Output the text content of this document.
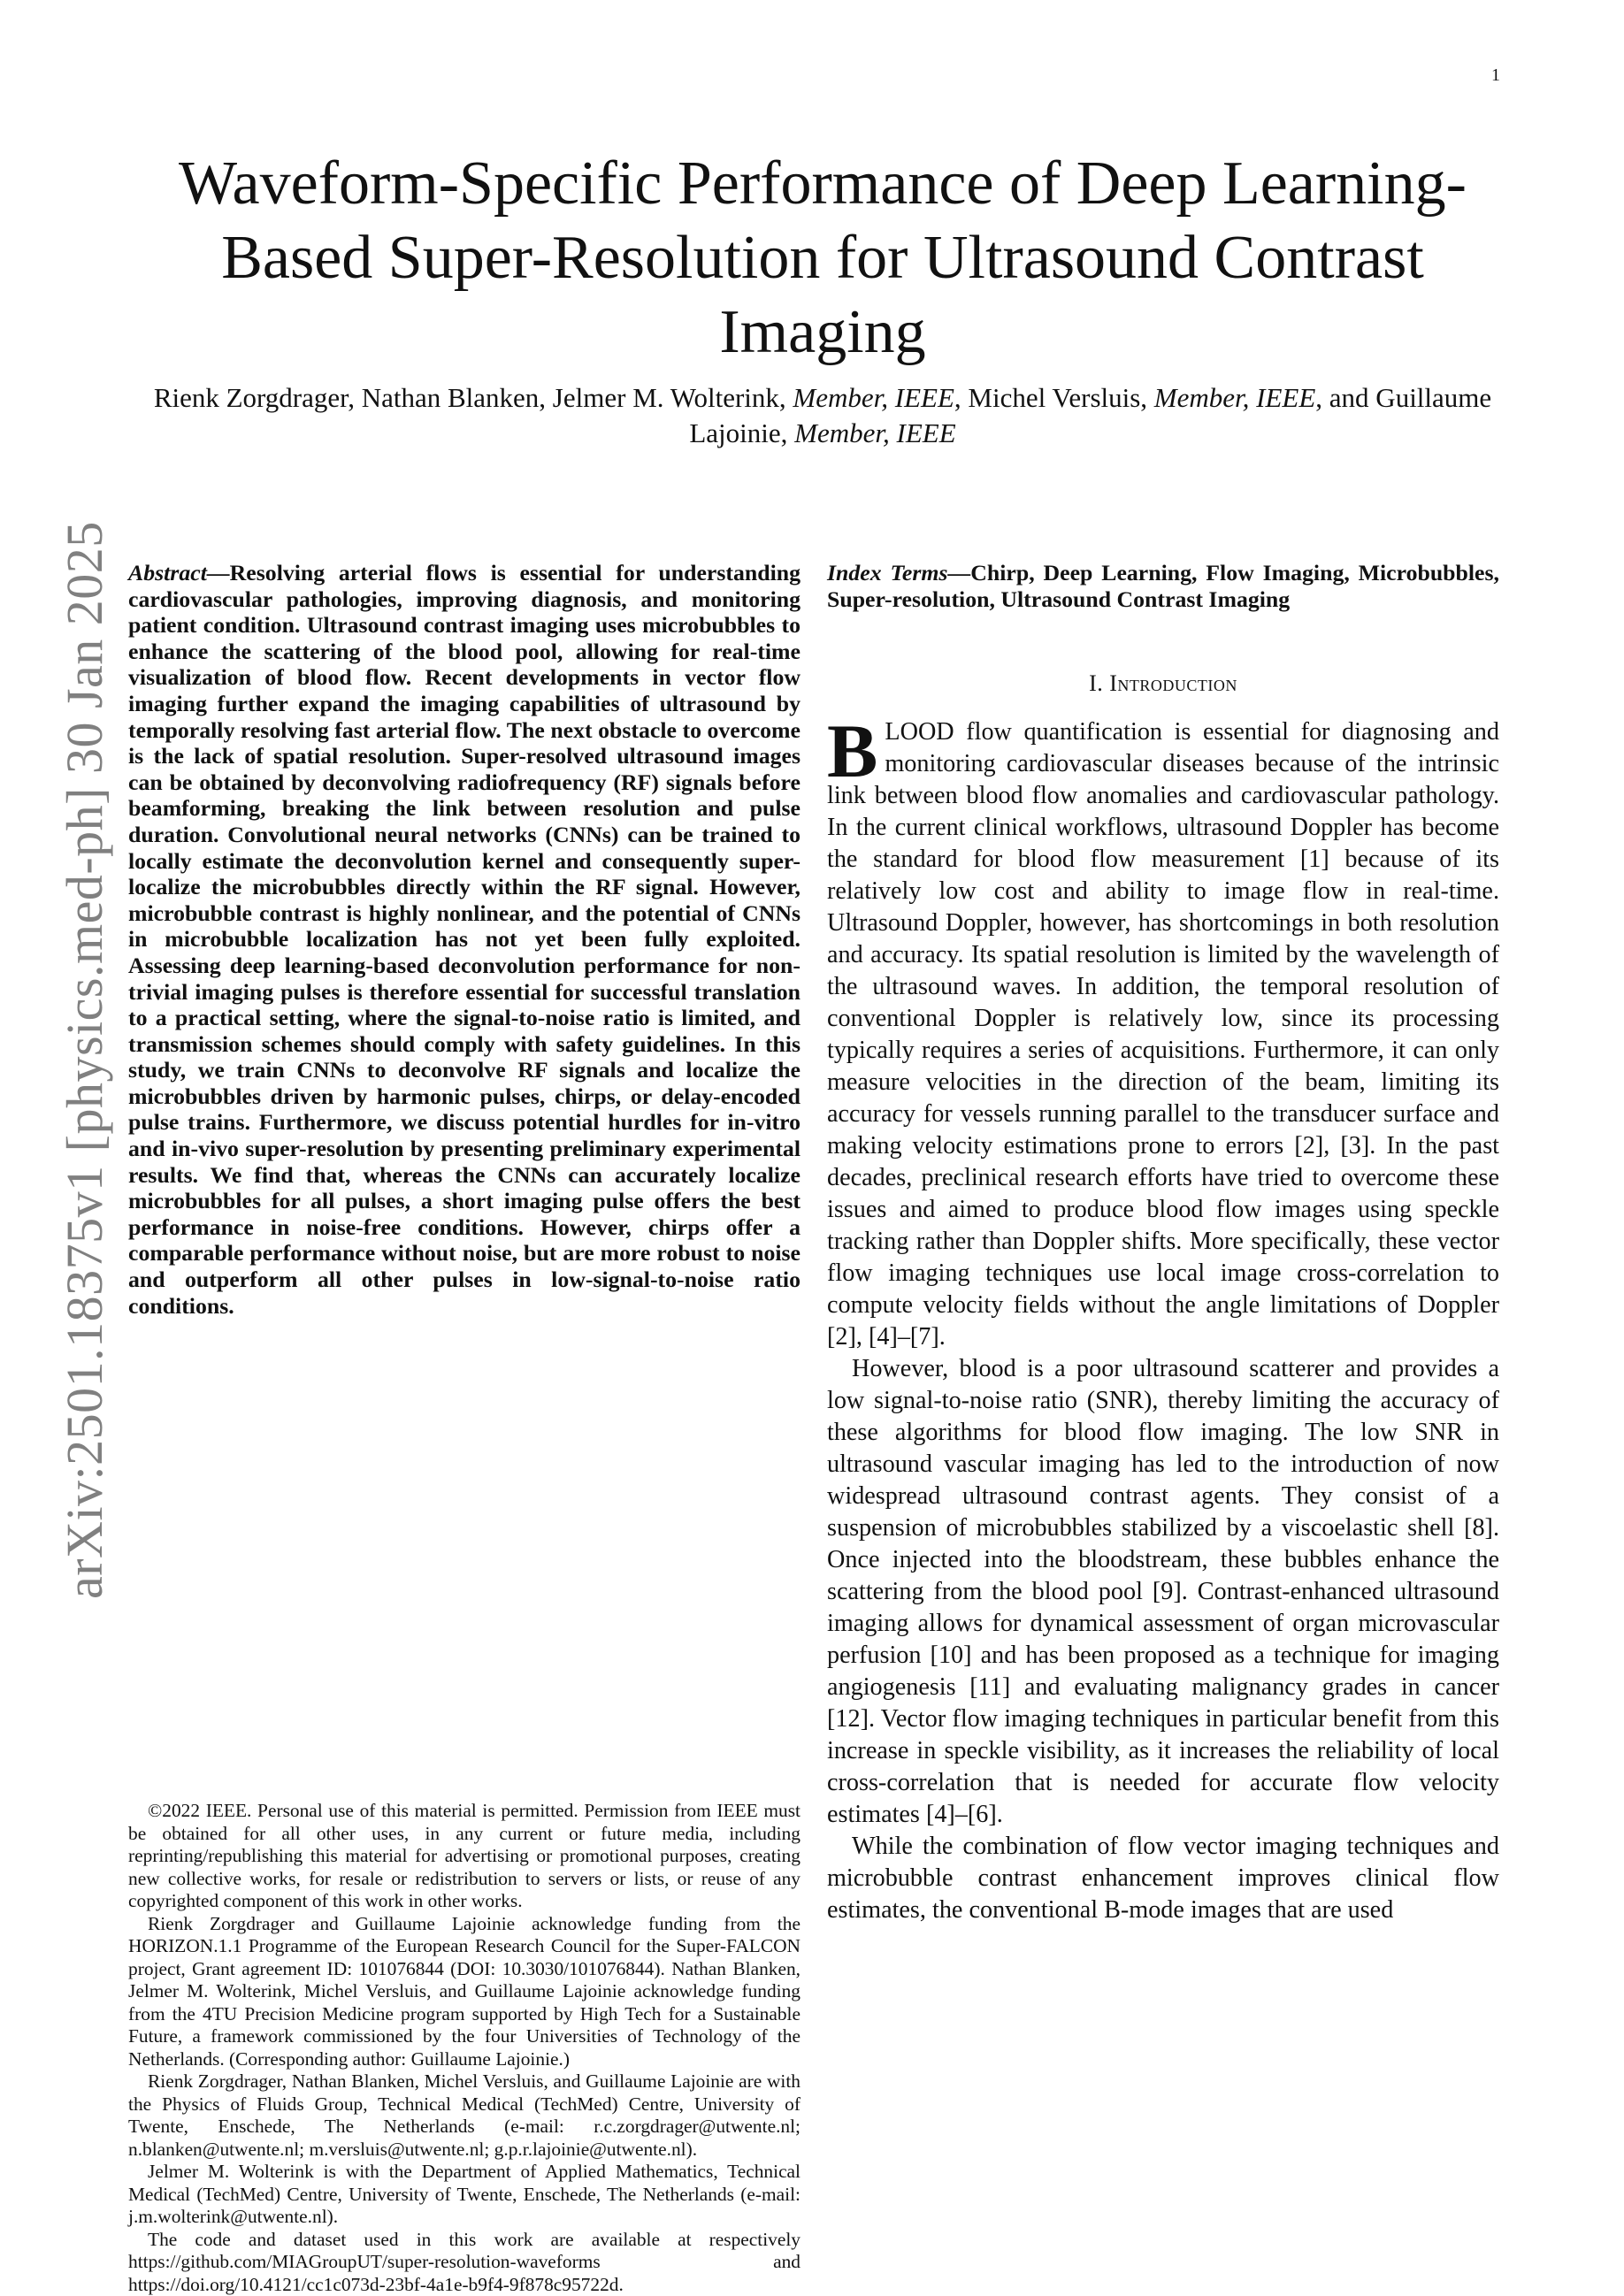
1
arXiv:2501.18375v1 [physics.med-ph] 30 Jan 2025
Waveform-Specific Performance of Deep Learning-Based Super-Resolution for Ultrasound Contrast Imaging
Rienk Zorgdrager, Nathan Blanken, Jelmer M. Wolterink, Member, IEEE, Michel Versluis, Member, IEEE, and Guillaume Lajoinie, Member, IEEE
Abstract—Resolving arterial flows is essential for understanding cardiovascular pathologies, improving diagnosis, and monitoring patient condition. Ultrasound contrast imaging uses microbubbles to enhance the scattering of the blood pool, allowing for real-time visualization of blood flow. Recent developments in vector flow imaging further expand the imaging capabilities of ultrasound by temporally resolving fast arterial flow. The next obstacle to overcome is the lack of spatial resolution. Super-resolved ultrasound images can be obtained by deconvolving radiofrequency (RF) signals before beamforming, breaking the link between resolution and pulse duration. Convolutional neural networks (CNNs) can be trained to locally estimate the deconvolution kernel and consequently super-localize the microbubbles directly within the RF signal. However, microbubble contrast is highly nonlinear, and the potential of CNNs in microbubble localization has not yet been fully exploited. Assessing deep learning-based deconvolution performance for non-trivial imaging pulses is therefore essential for successful translation to a practical setting, where the signal-to-noise ratio is limited, and transmission schemes should comply with safety guidelines. In this study, we train CNNs to deconvolve RF signals and localize the microbubbles driven by harmonic pulses, chirps, or delay-encoded pulse trains. Furthermore, we discuss potential hurdles for in-vitro and in-vivo super-resolution by presenting preliminary experimental results. We find that, whereas the CNNs can accurately localize microbubbles for all pulses, a short imaging pulse offers the best performance in noise-free conditions. However, chirps offer a comparable performance without noise, but are more robust to noise and outperform all other pulses in low-signal-to-noise ratio conditions.

©2022 IEEE. Personal use of this material is permitted. Permission from IEEE must be obtained for all other uses, in any current or future media, including reprinting/republishing this material for advertising or promotional purposes, creating new collective works, for resale or redistribution to servers or lists, or reuse of any copyrighted component of this work in other works.

Rienk Zorgdrager and Guillaume Lajoinie acknowledge funding from the HORIZON.1.1 Programme of the European Research Council for the Super-FALCON project, Grant agreement ID: 101076844 (DOI: 10.3030/101076844). Nathan Blanken, Jelmer M. Wolterink, Michel Versluis, and Guillaume Lajoinie acknowledge funding from the 4TU Precision Medicine program supported by High Tech for a Sustainable Future, a framework commissioned by the four Universities of Technology of the Netherlands. (Corresponding author: Guillaume Lajoinie.)

Rienk Zorgdrager, Nathan Blanken, Michel Versluis, and Guillaume Lajoinie are with the Physics of Fluids Group, Technical Medical (TechMed) Centre, University of Twente, Enschede, The Netherlands (e-mail: r.c.zorgdrager@utwente.nl; n.blanken@utwente.nl; m.versluis@utwente.nl; g.p.r.lajoinie@utwente.nl).

Jelmer M. Wolterink is with the Department of Applied Mathematics, Technical Medical (TechMed) Centre, University of Twente, Enschede, The Netherlands (e-mail: j.m.wolterink@utwente.nl).

The code and dataset used in this work are available at respectively https://github.com/MIAGroupUT/super-resolution-waveforms and https://doi.org/10.4121/cc1c073d-23bf-4a1e-b9f4-9f878c95722d.

Index Terms—Chirp, Deep Learning, Flow Imaging, Microbubbles, Super-resolution, Ultrasound Contrast Imaging
I. Introduction

BLOOD flow quantification is essential for diagnosing and monitoring cardiovascular diseases because of the intrinsic link between blood flow anomalies and cardiovascular pathology. In the current clinical workflows, ultrasound Doppler has become the standard for blood flow measurement [1] because of its relatively low cost and ability to image flow in real-time. Ultrasound Doppler, however, has shortcomings in both resolution and accuracy. Its spatial resolution is limited by the wavelength of the ultrasound waves. In addition, the temporal resolution of conventional Doppler is relatively low, since its processing typically requires a series of acquisitions. Furthermore, it can only measure velocities in the direction of the beam, limiting its accuracy for vessels running parallel to the transducer surface and making velocity estimations prone to errors [2], [3]. In the past decades, preclinical research efforts have tried to overcome these issues and aimed to produce blood flow images using speckle tracking rather than Doppler shifts. More specifically, these vector flow imaging techniques use local image cross-correlation to compute velocity fields without the angle limitations of Doppler [2], [4]–[7].

However, blood is a poor ultrasound scatterer and provides a low signal-to-noise ratio (SNR), thereby limiting the accuracy of these algorithms for blood flow imaging. The low SNR in ultrasound vascular imaging has led to the introduction of now widespread ultrasound contrast agents. They consist of a suspension of microbubbles stabilized by a viscoelastic shell [8]. Once injected into the bloodstream, these bubbles enhance the scattering from the blood pool [9]. Contrast-enhanced ultrasound imaging allows for dynamical assessment of organ microvascular perfusion [10] and has been proposed as a technique for imaging angiogenesis [11] and evaluating malignancy grades in cancer [12]. Vector flow imaging techniques in particular benefit from this increase in speckle visibility, as it increases the reliability of local cross-correlation that is needed for accurate flow velocity estimates [4]–[6].

While the combination of flow vector imaging techniques and microbubble contrast enhancement improves clinical flow estimates, the conventional B-mode images that are used
